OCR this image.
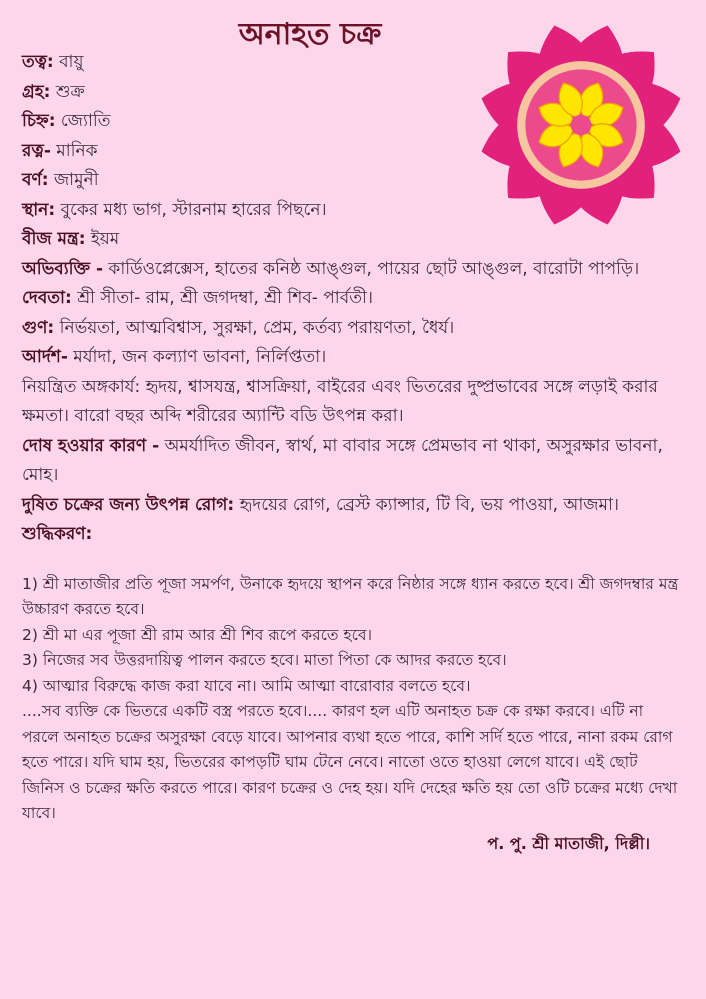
অনাহত চক্র

তত্ব: বায়ু

গ্রহ: শুক্র

চিহ্ন: জ্যোতি

রত্ন- মানিক

বর্ণ: জামুনী

স্থান: বুকের মধ্য ভাগ, স্টারনাম হারের পিছনে।

বীজ মন্ত্র: ইয়ম

অভিব্যক্তি - কার্ডিওপ্লেক্সেস, হাতের কনিষ্ঠ আঙ্গুল, পায়ের ছোট আঙ্গুল, বারোটা পাপড়ি।

দেবতা: শ্রী সীতা- রাম, শ্রী জগদম্বা, শ্রী শিব- পার্বতী।

গুণ: নির্ভয়তা, আত্মবিশ্বাস, সুরক্ষা, প্রেম, কর্তব্য পরায়ণতা, ধৈর্য।

আর্দশ- মর্যাদা, জন কল্যাণ ভাবনা, নির্লিপ্ততা।

নিয়ন্ত্রিত অঙ্গকার্য: হৃদয়, শ্বাসযন্ত্র, শ্বাসক্রিয়া, বাইরের এবং ভিতরের দুষ্প্রভাবের সঙ্গে লড়াই করার ক্ষমতা। বারো বছর অব্দি শরীরের অ্যান্টি বডি উৎপন্ন করা।

দোষ হওয়ার কারণ - অমর্যাদিত জীবন, স্বার্থ, মা বাবার সঙ্গে প্রেমভাব না থাকা, অসুরক্ষার ভাবনা, মোহ।

দুষিত চক্রের জন্য উৎপন্ন রোগ: হৃদয়ের রোগ, ব্রেস্ট ক্যান্সার, টি বি, ভয় পাওয়া, আজমা।

শুদ্ধিকরণ:

1) শ্রী মাতাজীর প্রতি পূজা সমর্পণ, উনাকে হৃদয়ে স্থাপন করে নিষ্ঠার সঙ্গে ধ্যান করতে হবে। শ্রী জগদম্বার মন্ত্র উচ্চারণ করতে হবে।

2) শ্রী মা এর পূজা শ্রী রাম আর শ্রী শিব রূপে করতে হবে।

3) নিজের সব উত্তরদায়িত্ব পালন করতে হবে। মাতা পিতা কে আদর করতে হবে।

4) আত্মার বিরুদ্ধে কাজ করা যাবে না। আমি আত্মা বারোবার বলতে হবে।

....সব ব্যক্তি কে ভিতরে একটি বস্ত্র পরতে হবে।.... কারণ হল এটি অনাহত চক্র কে রক্ষা করবে। এটি না পরলে অনাহত চক্রের অসুরক্ষা বেড়ে যাবে। আপনার ব্যথা হতে পারে, কাশি সর্দি হতে পারে, নানা রকম রোগ হতে পারে। যদি ঘাম হয়, ভিতরের কাপড়টি ঘাম টেনে নেবে। নাতো ওতে হাওয়া লেগে যাবে। এই ছোট জিনিস ও চক্রের ক্ষতি করতে পারে। কারণ চক্রের ও দেহ হয়। যদি দেহের ক্ষতি হয় তো ওটি চক্রের মধ্যে দেখা যাবে।

প. পু. শ্রী মাতাজী, দিল্লী।
